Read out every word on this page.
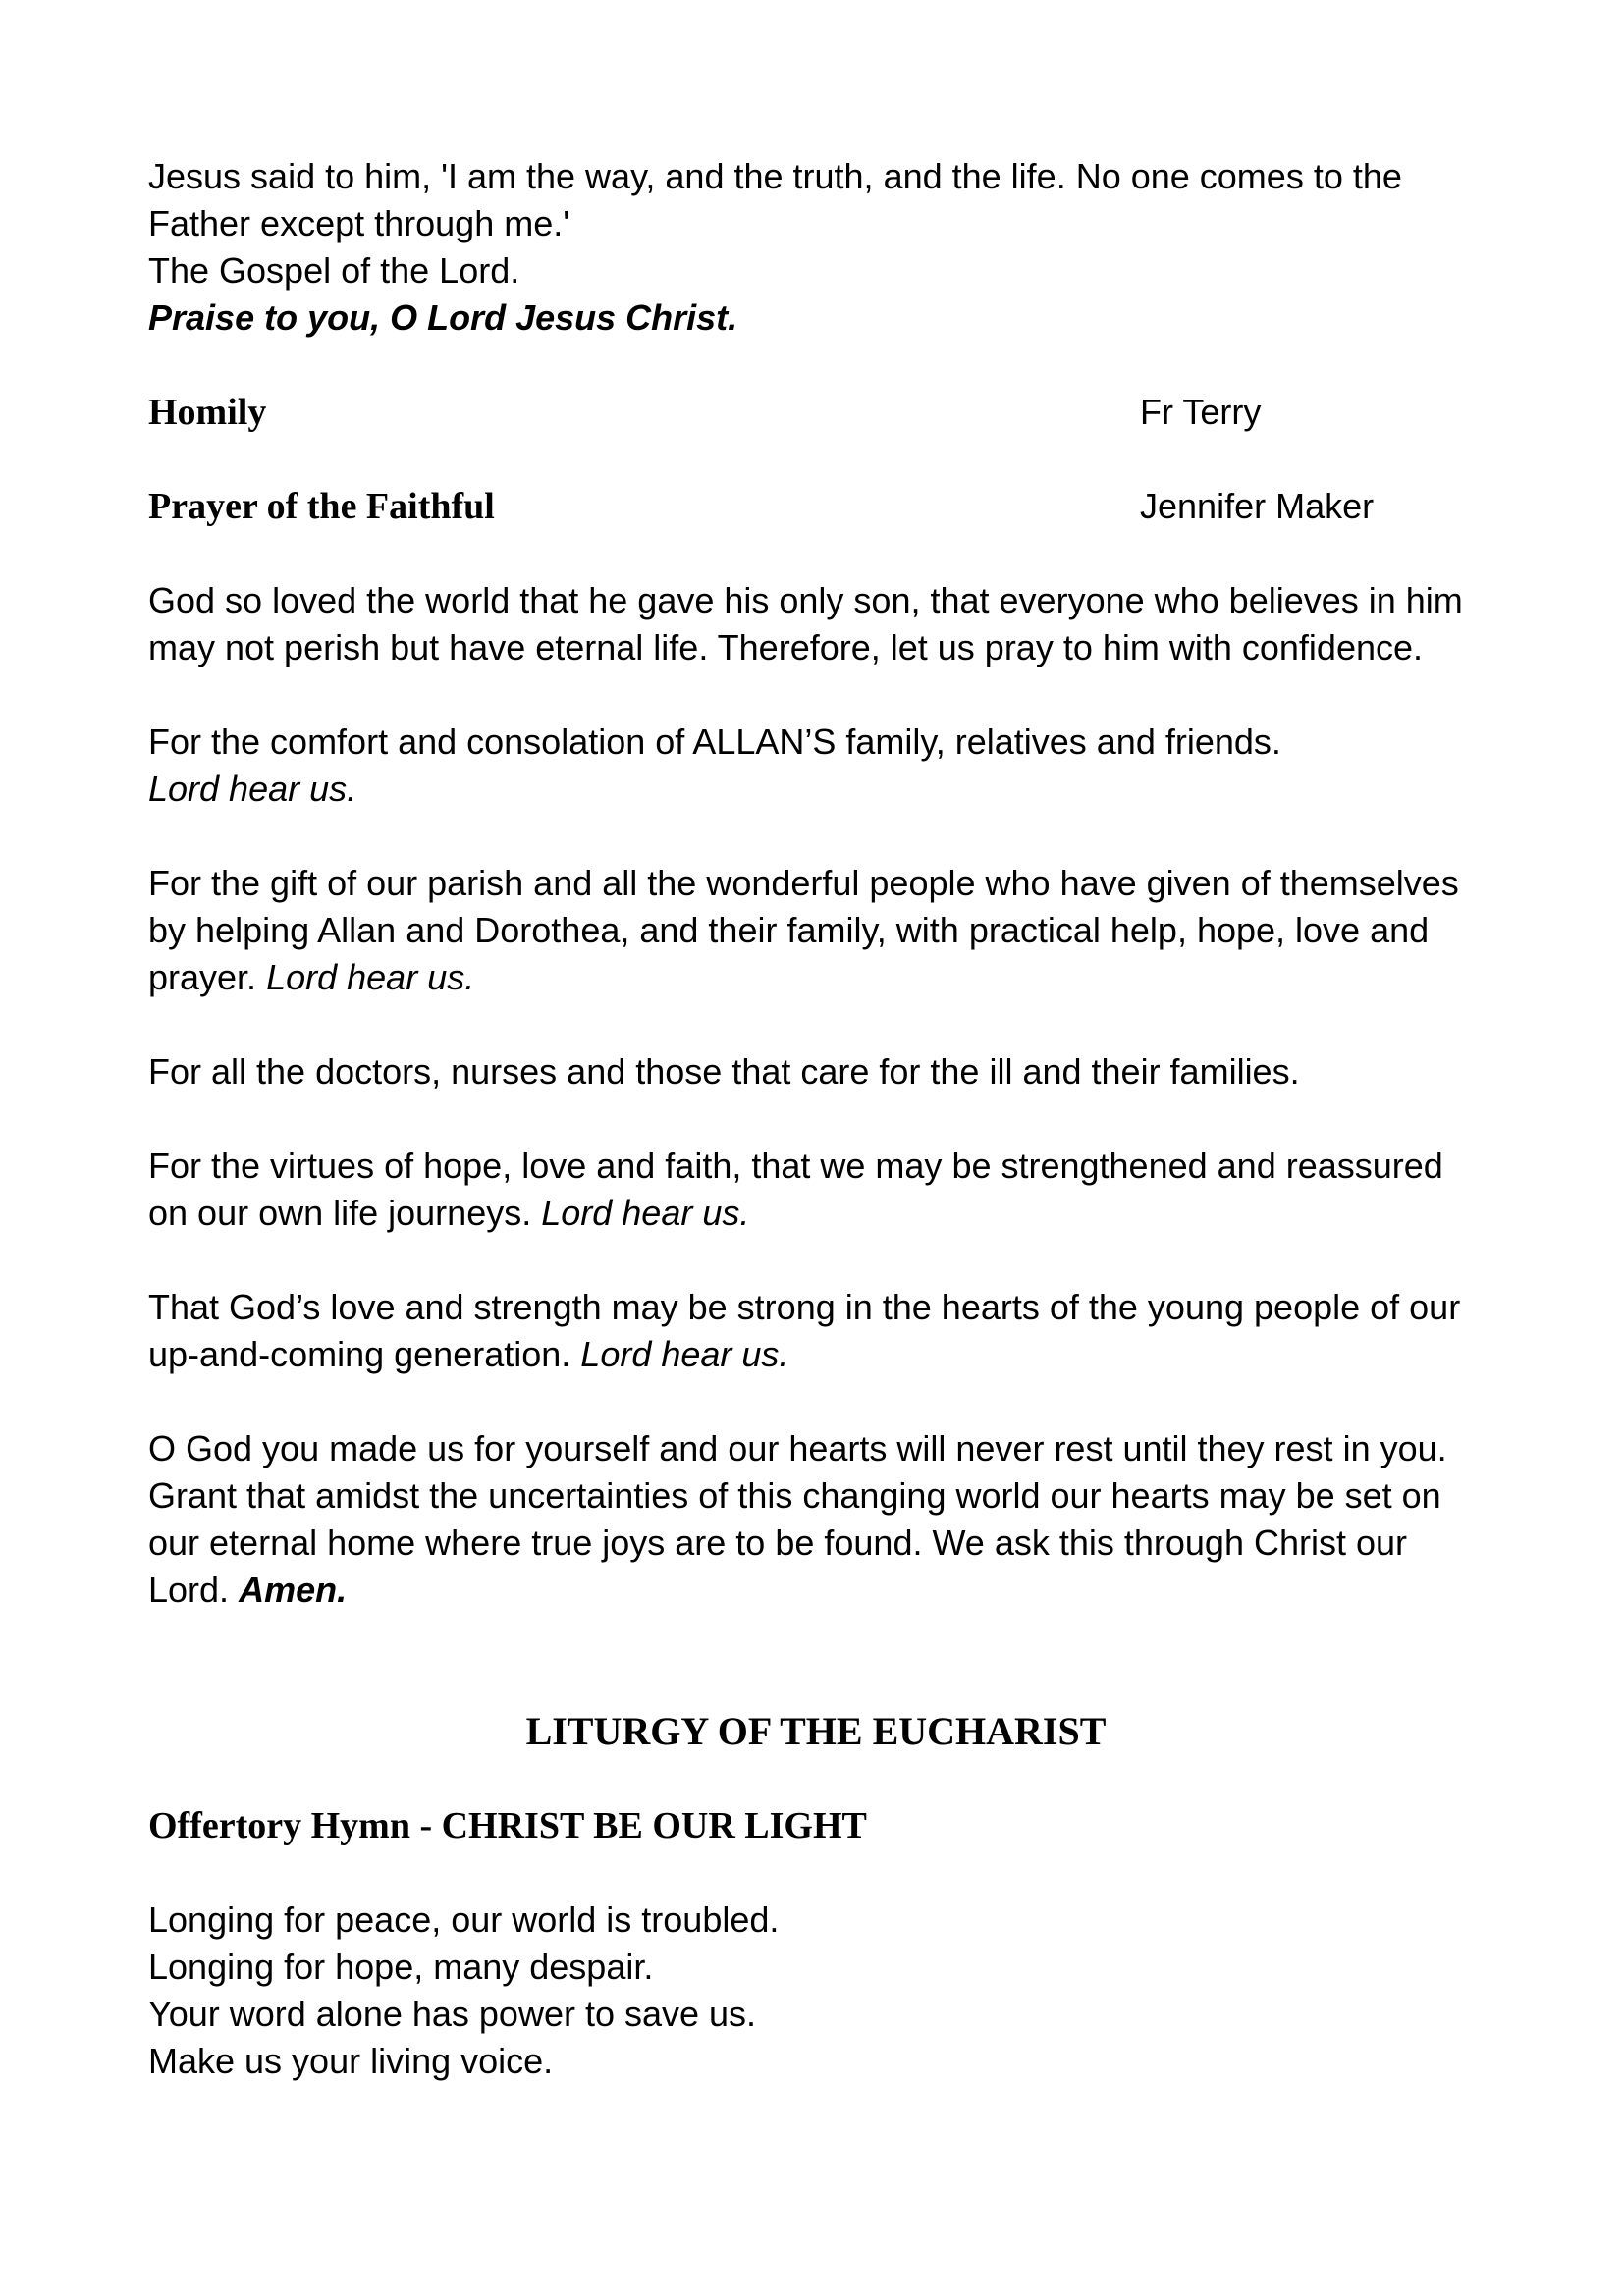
Jesus said to him, 'I am the way, and the truth, and the life. No one comes to the Father except through me.'

The Gospel of the Lord.

Praise to you, O Lord Jesus Christ.

Homily	Fr Terry
Prayer of the Faithful	Jennifer Maker

God so loved the world that he gave his only son, that everyone who believes in him may not perish but have eternal life. Therefore, let us pray to him with confidence.

For the comfort and consolation of ALLAN’S family, relatives and friends.
Lord hear us.

For the gift of our parish and all the wonderful people who have given of themselves by helping Allan and Dorothea, and their family, with practical help, hope, love and prayer. Lord hear us.

For all the doctors, nurses and those that care for the ill and their families.

For the virtues of hope, love and faith, that we may be strengthened and reassured on our own life journeys. Lord hear us.

That God’s love and strength may be strong in the hearts of the young people of our up-and-coming generation. Lord hear us.

O God you made us for yourself and our hearts will never rest until they rest in you. Grant that amidst the uncertainties of this changing world our hearts may be set on our eternal home where true joys are to be found. We ask this through Christ our Lord. Amen.

LITURGY OF THE EUCHARIST

Offertory Hymn - CHRIST BE OUR LIGHT

Longing for peace, our world is troubled.

Longing for hope, many despair.

Your word alone has power to save us.

Make us your living voice.
